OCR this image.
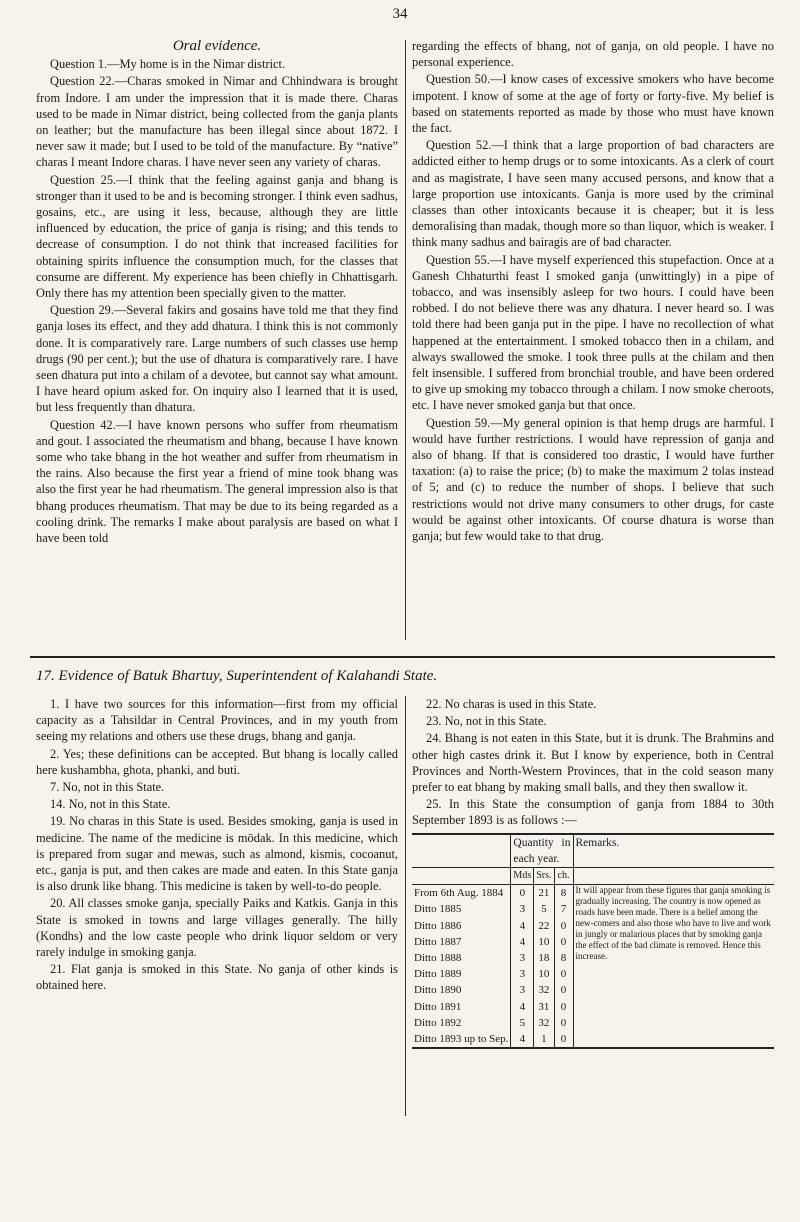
34
Oral evidence.

Question 1.—My home is in the Nimar district.

Question 22.—Charas smoked in Nimar and Chhindwara is brought from Indore. I am under the impression that it is made there. Charas used to be made in Nimar district, being collected from the ganja plants on leather; but the manufacture has been illegal since about 1872. I never saw it made; but I used to be told of the manufacture. By “native” charas I meant Indore charas. I have never seen any variety of charas.

Question 25.—I think that the feeling against ganja and bhang is stronger than it used to be and is becoming stronger. I think even sadhus, gosains, etc., are using it less, because, although they are little influenced by education, the price of ganja is rising; and this tends to decrease of consumption. I do not think that increased facilities for obtaining spirits influence the consumption much, for the classes that consume are different. My experience has been chiefly in Chhattisgarh. Only there has my attention been specially given to the matter.

Question 29.—Several fakirs and gosains have told me that they find ganja loses its effect, and they add dhatura. I think this is not commonly done. It is comparatively rare. Large numbers of such classes use hemp drugs (90 per cent.); but the use of dhatura is comparatively rare. I have seen dhatura put into a chilam of a devotee, but cannot say what amount. I have heard opium asked for. On inquiry also I learned that it is used, but less frequently than dhatura.

Question 42.—I have known persons who suffer from rheumatism and gout. I associated the rheumatism and bhang, because I have known some who take bhang in the hot weather and suffer from rheumatism in the rains. Also because the first year a friend of mine took bhang was also the first year he had rheumatism. The general impression also is that bhang produces rheumatism. That may be due to its being regarded as a cooling drink. The remarks I make about paralysis are based on what I have been told

regarding the effects of bhang, not of ganja, on old people. I have no personal experience.

Question 50.—I know cases of excessive smokers who have become impotent. I know of some at the age of forty or forty-five. My belief is based on statements reported as made by those who must have known the fact.

Question 52.—I think that a large proportion of bad characters are addicted either to hemp drugs or to some intoxicants. As a clerk of court and as magistrate, I have seen many accused persons, and know that a large proportion use intoxicants. Ganja is more used by the criminal classes than other intoxicants because it is cheaper; but it is less demoralising than madak, though more so than liquor, which is weaker. I think many sadhus and bairagis are of bad character.

Question 55.—I have myself experienced this stupefaction. Once at a Ganesh Chhaturthi feast I smoked ganja (unwittingly) in a pipe of tobacco, and was insensibly asleep for two hours. I could have been robbed. I do not believe there was any dhatura. I never heard so. I was told there had been ganja put in the pipe. I have no recollection of what happened at the entertainment. I smoked tobacco then in a chilam, and always swallowed the smoke. I took three pulls at the chilam and then felt insensible. I suffered from bronchial trouble, and have been ordered to give up smoking my tobacco through a chilam. I now smoke cheroots, etc. I have never smoked ganja but that once.

Question 59.—My general opinion is that hemp drugs are harmful. I would have further restrictions. I would have repression of ganja and also of bhang. If that is considered too drastic, I would have further taxation: (a) to raise the price; (b) to make the maximum 2 tolas instead of 5; and (c) to reduce the number of shops. I believe that such restrictions would not drive many consumers to other drugs, for caste would be against other intoxicants. Of course dhatura is worse than ganja; but few would take to that drug.

17. Evidence of Batuk Bhartuy, Superintendent of Kalahandi State.

1. I have two sources for this information—first from my official capacity as a Tahsildar in Central Provinces, and in my youth from seeing my relations and others use these drugs, bhang and ganja.

2. Yes; these definitions can be accepted. But bhang is locally called here kushambha, ghota, phanki, and buti.

7. No, not in this State.

14. No, not in this State.

19. No charas in this State is used. Besides smoking, ganja is used in medicine. The name of the medicine is mōdak. In this medicine, which is prepared from sugar and mewas, such as almond, kismis, cocoanut, etc., ganja is put, and then cakes are made and eaten. In this State ganja is also drunk like bhang. This medicine is taken by well-to-do people.

20. All classes smoke ganja, specially Paiks and Katkis. Ganja in this State is smoked in towns and large villages generally. The hilly (Kondhs) and the low caste people who drink liquor seldom or very rarely indulge in smoking ganja.

21. Flat ganja is smoked in this State. No ganja of other kinds is obtained here.

22. No charas is used in this State.

23. No, not in this State.

24. Bhang is not eaten in this State, but it is drunk. The Brahmins and other high castes drink it. But I know by experience, both in Central Provinces and North-Western Provinces, that in the cold season many prefer to eat bhang by making small balls, and they then swallow it.

25. In this State the consumption of ganja from 1884 to 30th September 1893 is as follows :—

	Quantity in each year.			Remarks.
	Mds	Srs.	ch.	
From 6th Aug. 1884	0	21	8	It will appear from these figures that ganja smoking is gradually increasing. The country is now opened as roads have been made. There is a belief among the new-comers and also those who have to live and work in jungly or malarious places that by smoking ganja the effect of the bad climate is removed. Hence this increase.
Ditto 1885	3	5	7	
Ditto 1886	4	22	0	
Ditto 1887	4	10	0	
Ditto 1888	3	18	8	
Ditto 1889	3	10	0	
Ditto 1890	3	32	0	
Ditto 1891	4	31	0	
Ditto 1892	5	32	0	
Ditto 1893 up to Sep.	4	1	0	
